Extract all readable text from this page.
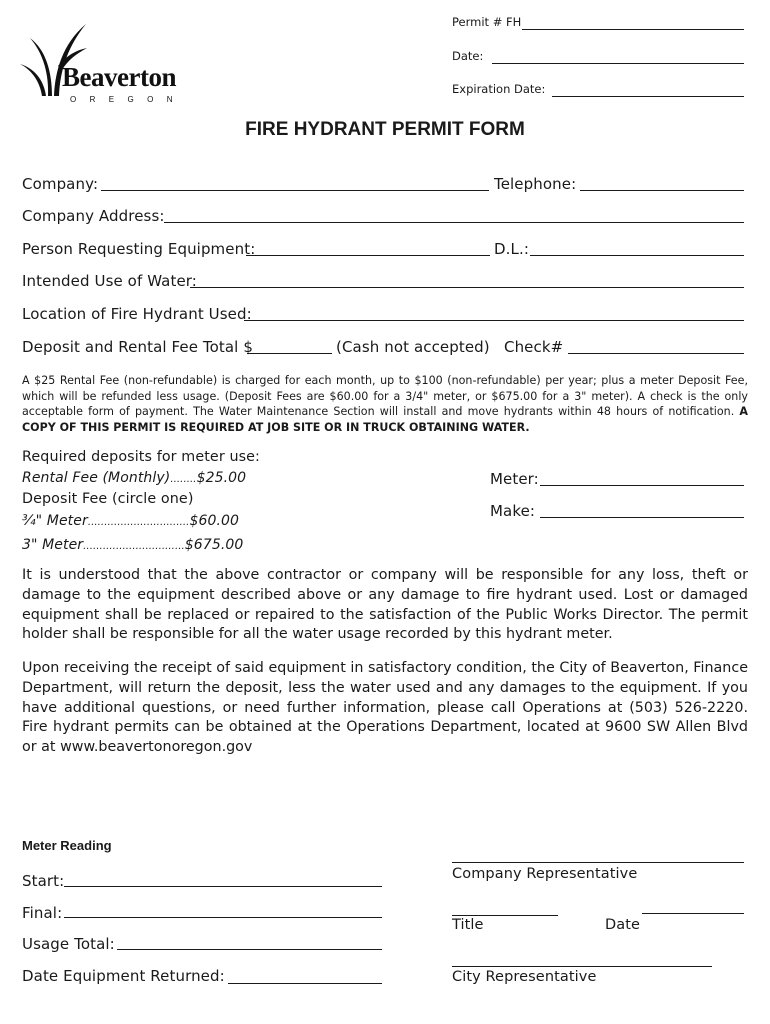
Beaverton
OREGON
Permit # FH
Date:
Expiration Date:
FIRE HYDRANT PERMIT FORM
Company:	Telephone:
Company Address:
Person Requesting Equipment:	D.L.:
Intended Use of Water:
Location of Fire Hydrant Used:
Deposit and Rental Fee Total $	(Cash not accepted) Check#
A $25 Rental Fee (non-refundable) is charged for each month, up to $100 (non-refundable) per year; plus a meter Deposit Fee, which will be refunded less usage. (Deposit Fees are $60.00 for a 3/4" meter, or $675.00 for a 3" meter). A check is the only acceptable form of payment. The Water Maintenance Section will install and move hydrants within 48 hours of notification. A COPY OF THIS PERMIT IS REQUIRED AT JOB SITE OR IN TRUCK OBTAINING WATER.
Required deposits for meter use:
Rental Fee (Monthly)........$25.00
Deposit Fee (circle one)
¾" Meter...............................$60.00
3" Meter...............................$675.00
Meter:
Make:
It is understood that the above contractor or company will be responsible for any loss, theft or damage to the equipment described above or any damage to fire hydrant used. Lost or damaged equipment shall be replaced or repaired to the satisfaction of the Public Works Director. The permit holder shall be responsible for all the water usage recorded by this hydrant meter.
Upon receiving the receipt of said equipment in satisfactory condition, the City of Beaverton, Finance Department, will return the deposit, less the water used and any damages to the equipment. If you have additional questions, or need further information, please call Operations at (503) 526-2220. Fire hydrant permits can be obtained at the Operations Department, located at 9600 SW Allen Blvd or at www.beavertonoregon.gov
Meter Reading
Start:
Final:
Usage Total:
Date Equipment Returned:
Company Representative
Title	Date
City Representative
